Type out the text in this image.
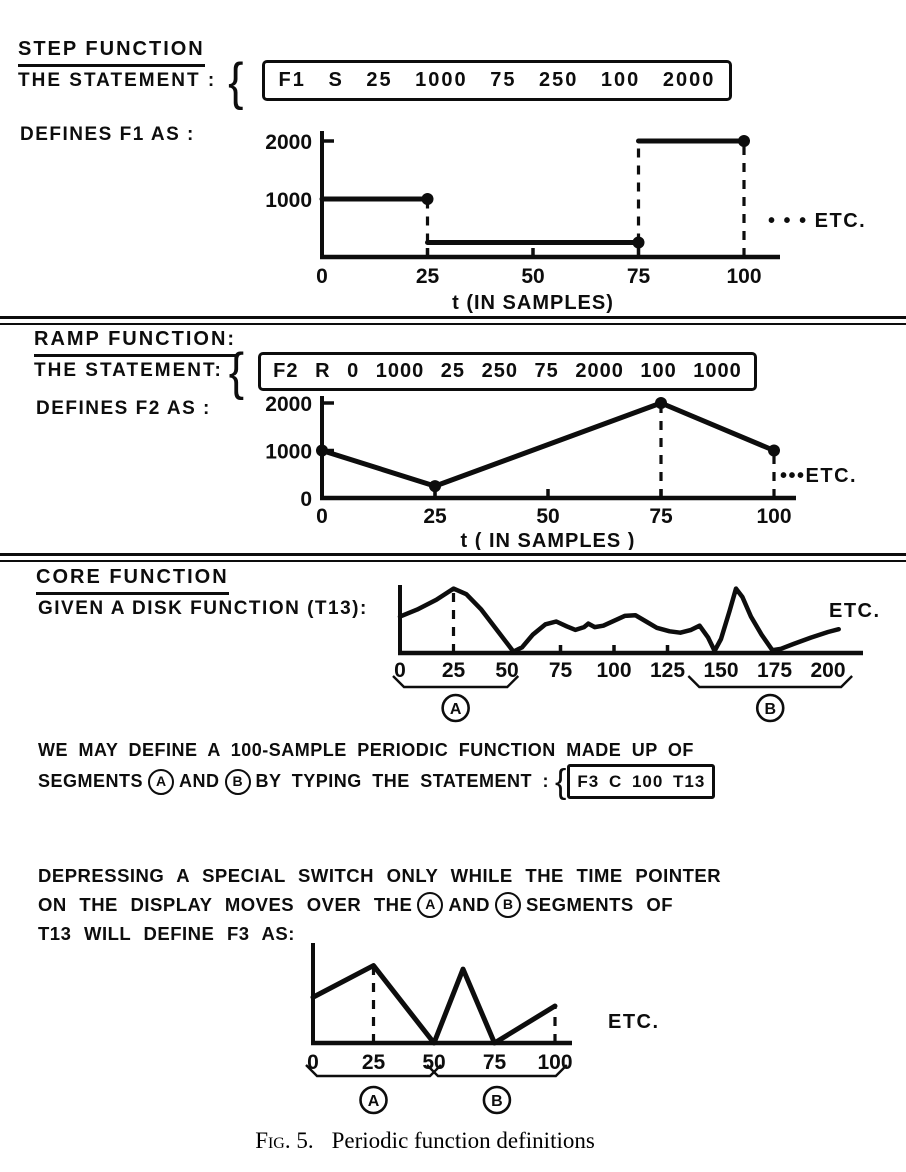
STEP FUNCTION
THE STATEMENT : {	F1 S 25 1000 75 250 100 2000
DEFINES F1 AS :
1000
2000
0	25	50	75	100
t (IN SAMPLES)
• • • ETC.
RAMP FUNCTION:
THE STATEMENT: {	F2 R 0 1000 25 250 75 2000 100 1000
DEFINES F2 AS :
0
1000
2000
0	25	50	75	100
t ( IN SAMPLES )
•••ETC.
CORE FUNCTION
GIVEN A DISK FUNCTION (T13):
0 25 50 75 100 125 150 175 200
ETC.
A	B
WE MAY DEFINE A 100-SAMPLE PERIODIC FUNCTION MADE UP OF
SEGMENTS A AND B BY TYPING THE STATEMENT : { F3 C 100 T13
DEPRESSING A SPECIAL SWITCH ONLY WHILE THE TIME POINTER
ON THE DISPLAY MOVES OVER THE A AND B SEGMENTS OF
T13 WILL DEFINE F3 AS:
0 25 50 75 100
ETC.
A	B
Fig. 5. Periodic function definitions
